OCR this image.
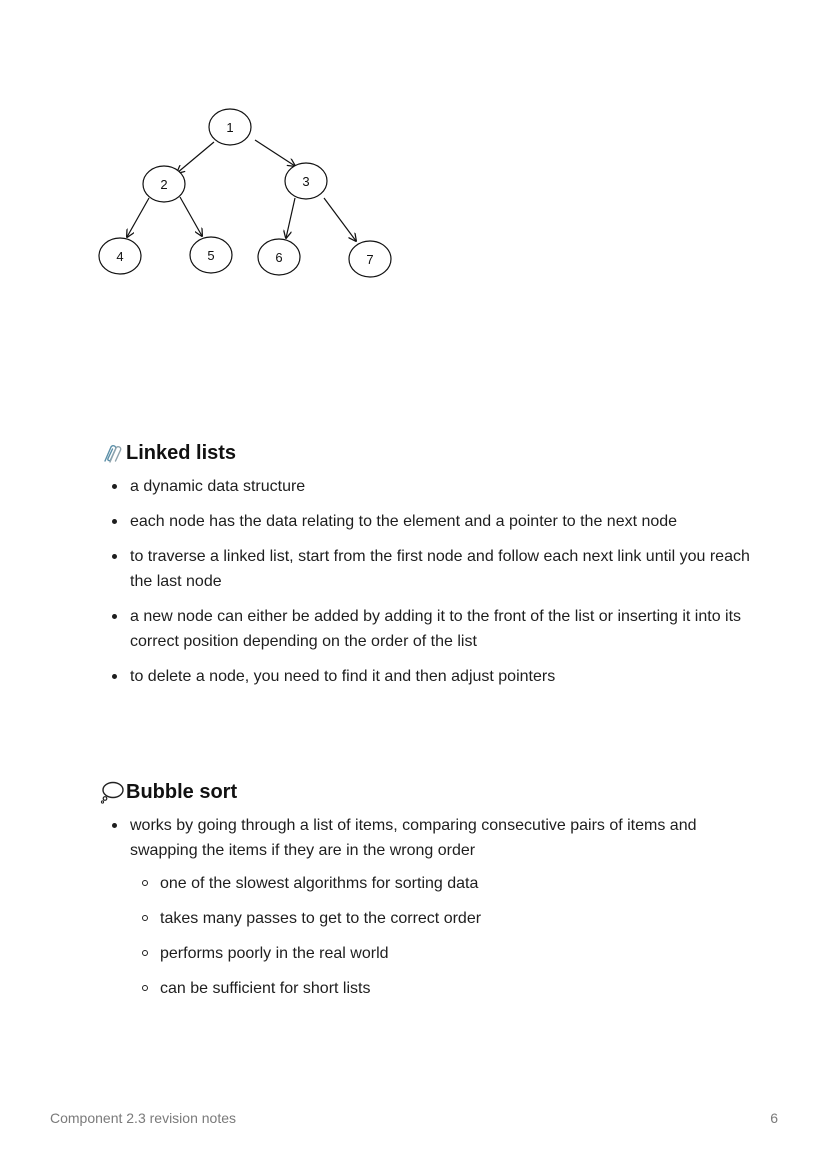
1
2	3
4	5	6	7
Linked lists
a dynamic data structure
each node has the data relating to the element and a pointer to the next node
to traverse a linked list, start from the first node and follow each next link until you reach the last node
a new node can either be added by adding it to the front of the list or inserting it into its correct position depending on the order of the list
to delete a node, you need to find it and then adjust pointers
Bubble sort
works by going through a list of items, comparing consecutive pairs of items and swapping the items if they are in the wrong order
one of the slowest algorithms for sorting data
takes many passes to get to the correct order
performs poorly in the real world
can be sufficient for short lists
Component 2.3 revision notes	6
